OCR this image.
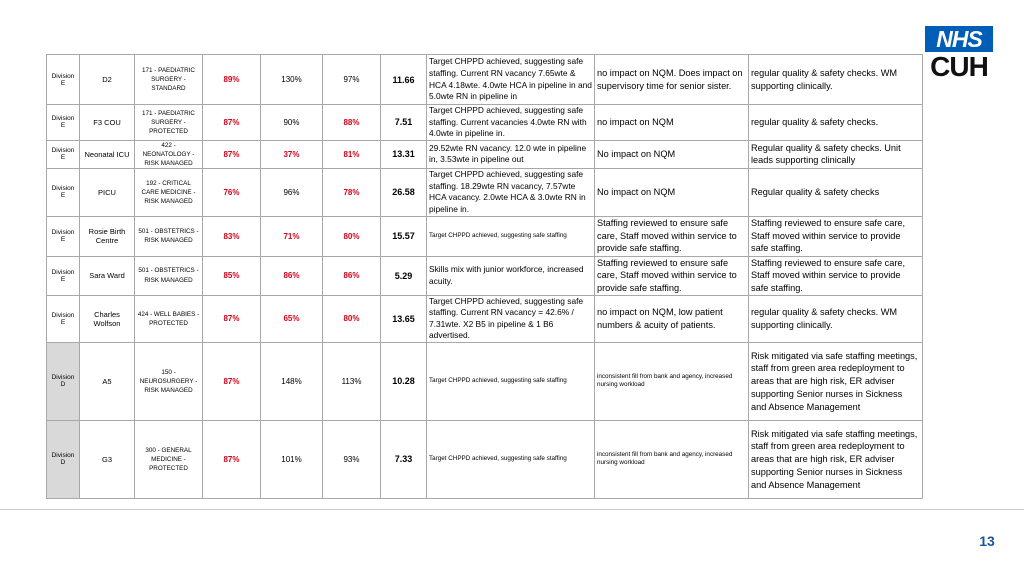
Division E	D2	171 - PAEDIATRIC SURGERY - STANDARD	89%	130%	97%	11.66	Target CHPPD achieved, suggesting safe staffing. Current RN vacancy 7.65wte & HCA 4.18wte. 4.0wte HCA in pipeline in and 5.0wte RN in pipeline in	no impact on NQM. Does impact on supervisory time for senior sister.	regular quality & safety checks. WM supporting clinically.
Division E	F3 COU	171 - PAEDIATRIC SURGERY - PROTECTED	87%	90%	88%	7.51	Target CHPPD achieved, suggesting safe staffing. Current vacancies 4.0wte RN with 4.0wte in pipeline in.	no impact on NQM	regular quality & safety checks.
Division E	Neonatal ICU	422 - NEONATOLOGY - RISK MANAGED	87%	37%	81%	13.31	29.52wte RN vacancy. 12.0 wte in pipeline in, 3.53wte in pipeline out	No impact on NQM	Regular quality & safety checks. Unit leads supporting clinically
Division E	PICU	192 - CRITICAL CARE MEDICINE - RISK MANAGED	76%	96%	78%	26.58	Target CHPPD achieved, suggesting safe staffing. 18.29wte RN vacancy, 7.57wte HCA vacancy. 2.0wte HCA & 3.0wte RN in pipeline in.	No impact on NQM	Regular quality & safety checks
Division E	Rosie Birth Centre	501 - OBSTETRICS - RISK MANAGED	83%	71%	80%	15.57	Target CHPPD achieved, suggesting safe staffing	Staffing reviewed to ensure safe care, Staff moved within service to provide safe staffing.	Staffing reviewed to ensure safe care, Staff moved within service to provide safe staffing.
Division E	Sara Ward	501 - OBSTETRICS - RISK MANAGED	85%	86%	86%	5.29	Skills mix with junior workforce, increased acuity.	Staffing reviewed to ensure safe care, Staff moved within service to provide safe staffing.	Staffing reviewed to ensure safe care, Staff moved within service to provide safe staffing.
Division E	Charles Wolfson	424 - WELL BABIES - PROTECTED	87%	65%	80%	13.65	Target CHPPD achieved, suggesting safe staffing. Current RN vacancy = 42.6% / 7.31wte. X2 B5 in pipeline & 1 B6 advertised.	no impact on NQM, low patient numbers & acuity of patients.	regular quality & safety checks. WM supporting clinically.
Division D	A5	150 - NEUROSURGERY - RISK MANAGED	87%	148%	113%	10.28	Target CHPPD achieved, suggesting safe staffing	inconsistent fill from bank and agency, increased nursing workload	Risk mitigated via safe staffing meetings, staff from green area redeployment to areas that are high risk, ER adviser supporting Senior nurses in Sickness and Absence Management
Division D	G3	300 - GENERAL MEDICINE - PROTECTED	87%	101%	93%	7.33	Target CHPPD achieved, suggesting safe staffing	inconsistent fill from bank and agency, increased nursing workload	Risk mitigated via safe staffing meetings, staff from green area redeployment to areas that are high risk, ER adviser supporting Senior nurses in Sickness and Absence Management
NHS
CUH
13
